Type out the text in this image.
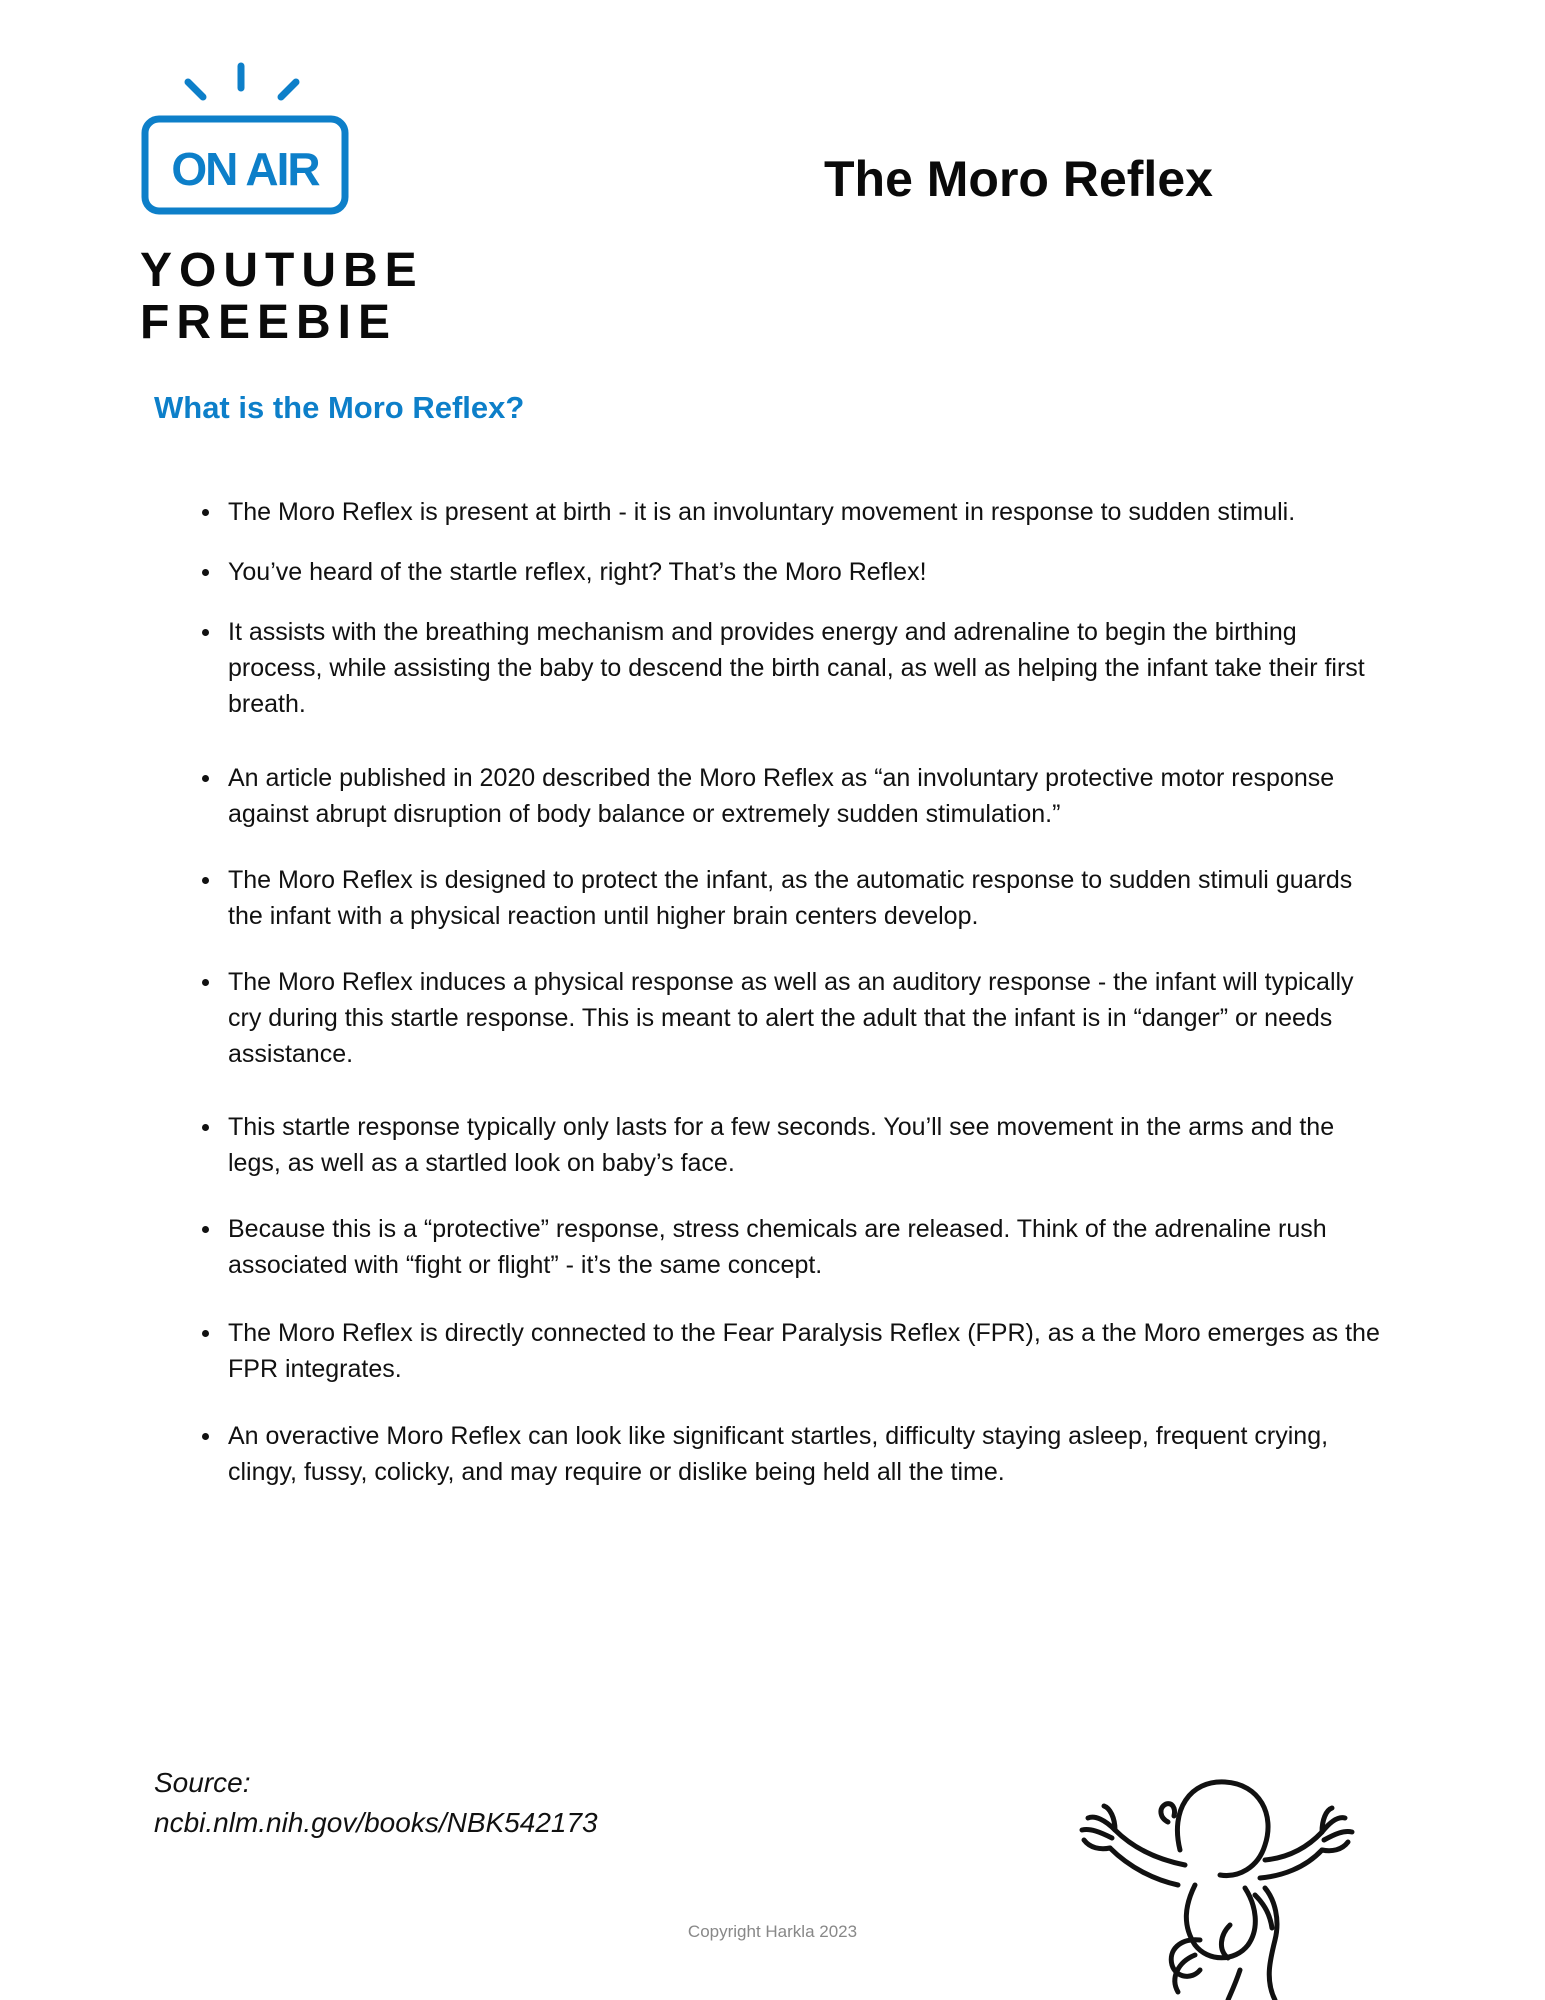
ON AIR
YOUTUBE
FREEBIE
The Moro Reflex
What is the Moro Reflex?
The Moro Reflex is present at birth - it is an involuntary movement in response to sudden stimuli.
You’ve heard of the startle reflex, right? That’s the Moro Reflex!
It assists with the breathing mechanism and provides energy and adrenaline to begin the birthing process, while assisting the baby to descend the birth canal, as well as helping the infant take their first breath.
An article published in 2020 described the Moro Reflex as “an involuntary protective motor response against abrupt disruption of body balance or extremely sudden stimulation.”
The Moro Reflex is designed to protect the infant, as the automatic response to sudden stimuli guards the infant with a physical reaction until higher brain centers develop.
The Moro Reflex induces a physical response as well as an auditory response - the infant will typically cry during this startle response. This is meant to alert the adult that the infant is in “danger” or needs assistance.
This startle response typically only lasts for a few seconds. You’ll see movement in the arms and the legs, as well as a startled look on baby’s face.
Because this is a “protective” response, stress chemicals are released. Think of the adrenaline rush associated with “fight or flight” - it’s the same concept.
The Moro Reflex is directly connected to the Fear Paralysis Reflex (FPR), as a the Moro emerges as the FPR integrates.
An overactive Moro Reflex can look like significant startles, difficulty staying asleep, frequent crying, clingy, fussy, colicky, and may require or dislike being held all the time.
Source:
ncbi.nlm.nih.gov/books/NBK542173
Copyright Harkla 2023
